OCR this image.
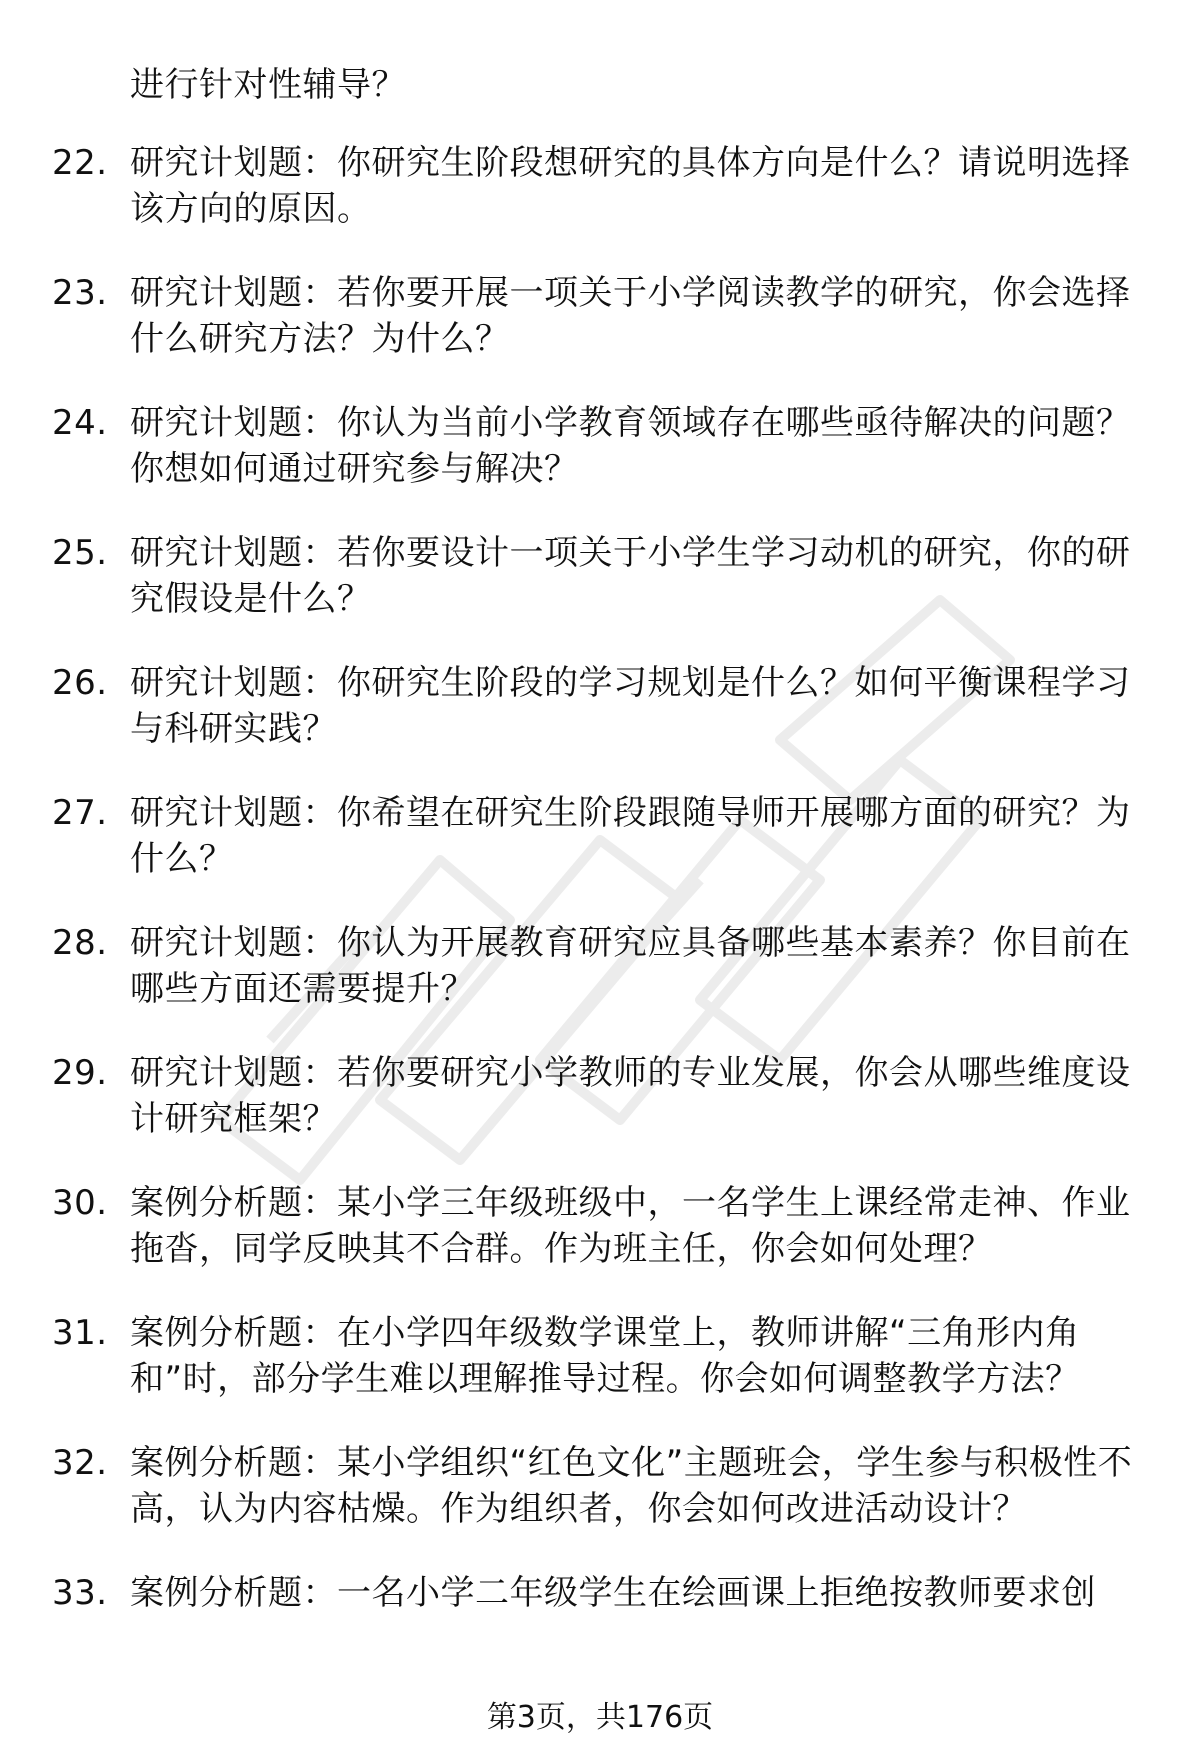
进行针对性辅导？
22. 研究计划题：你研究生阶段想研究的具体方向是什么？请说明选择该方向的原因。
23. 研究计划题：若你要开展一项关于小学阅读教学的研究，你会选择什么研究方法？为什么？
24. 研究计划题：你认为当前小学教育领域存在哪些亟待解决的问题？你想如何通过研究参与解决？
25. 研究计划题：若你要设计一项关于小学生学习动机的研究，你的研究假设是什么？
26. 研究计划题：你研究生阶段的学习规划是什么？如何平衡课程学习与科研实践？
27. 研究计划题：你希望在研究生阶段跟随导师开展哪方面的研究？为什么？
28. 研究计划题：你认为开展教育研究应具备哪些基本素养？你目前在哪些方面还需要提升？
29. 研究计划题：若你要研究小学教师的专业发展，你会从哪些维度设计研究框架？
30. 案例分析题：某小学三年级班级中，一名学生上课经常走神、作业拖沓，同学反映其不合群。作为班主任，你会如何处理？
31. 案例分析题：在小学四年级数学课堂上，教师讲解“三角形内角和”时，部分学生难以理解推导过程。你会如何调整教学方法？
32. 案例分析题：某小学组织“红色文化”主题班会，学生参与积极性不高，认为内容枯燥。作为组织者，你会如何改进活动设计？
33. 案例分析题：一名小学二年级学生在绘画课上拒绝按教师要求创
第3页，共176页
